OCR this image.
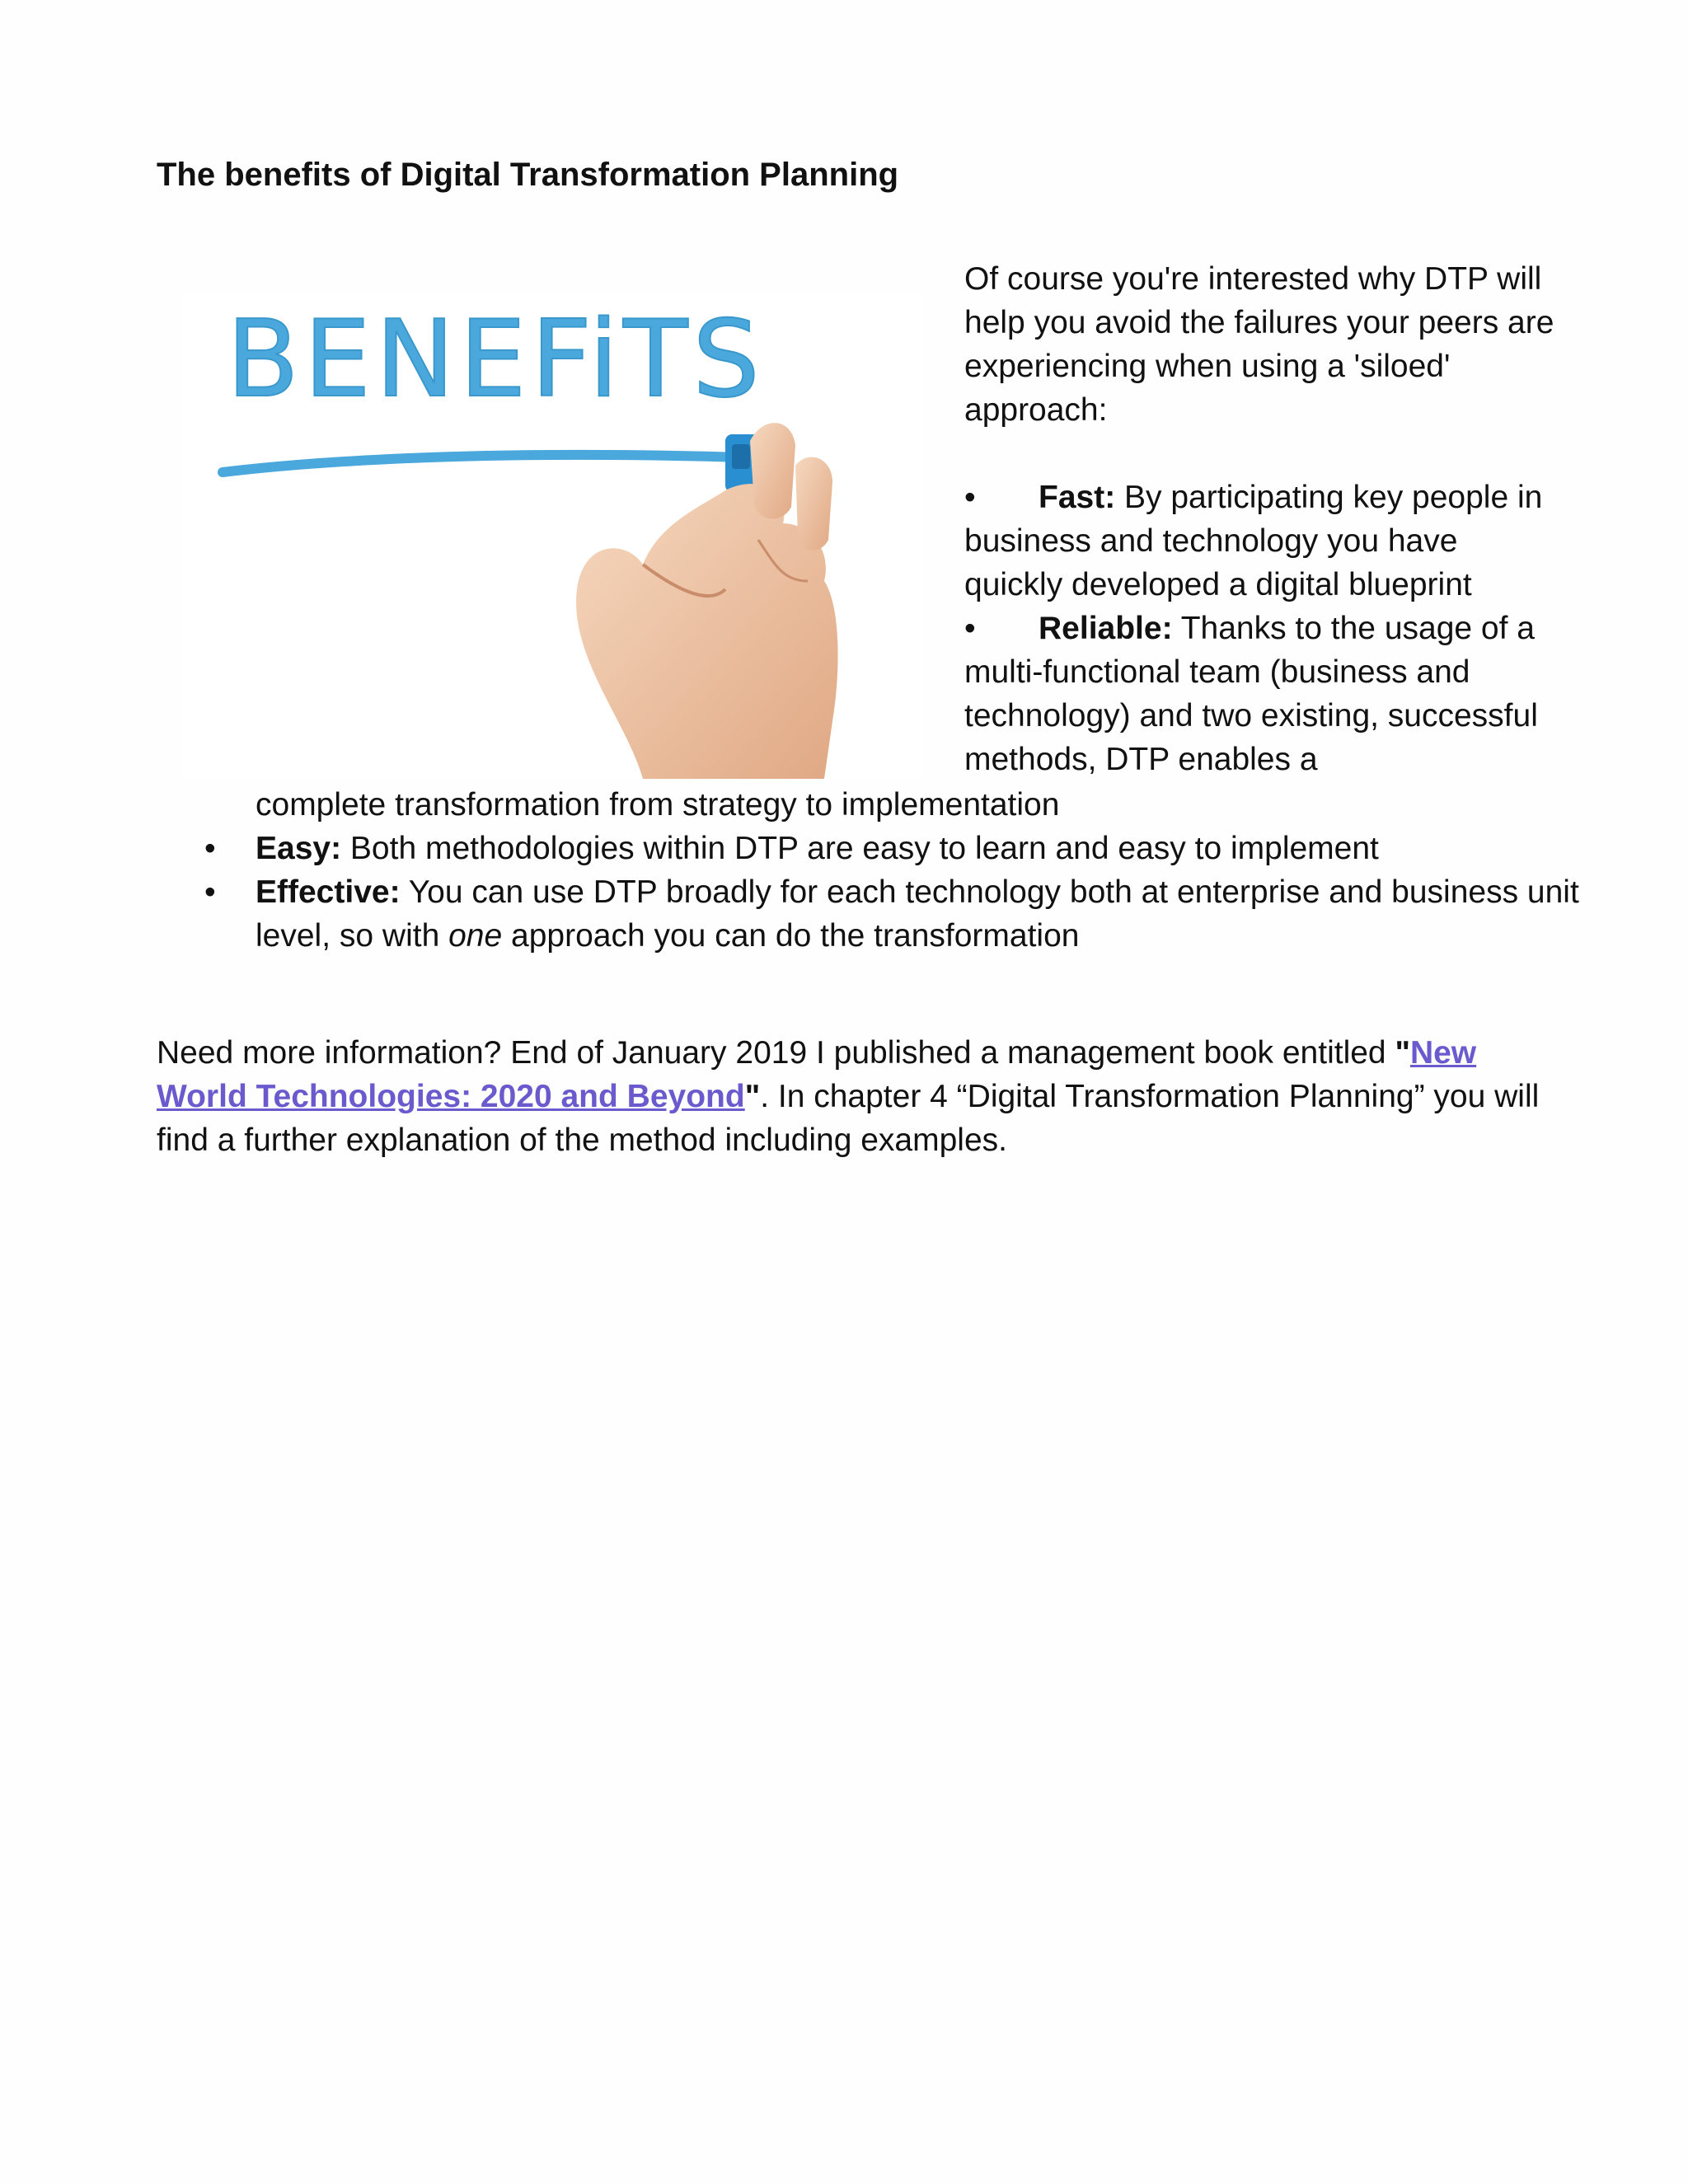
The benefits of Digital Transformation Planning
BENEFiTS

Of course you're interested why DTP will help you avoid the failures your peers are experiencing when using a 'siloed' approach:

• Fast: By participating key people in business and technology you have quickly developed a digital blueprint

• Reliable: Thanks to the usage of a multi-functional team (business and technology) and two existing, successful methods, DTP enables a

complete transformation from strategy to implementation
• Easy: Both methodologies within DTP are easy to learn and easy to implement
• Effective: You can use DTP broadly for each technology both at enterprise and business unit level, so with one approach you can do the transformation

Need more information? End of January 2019 I published a management book entitled "New World Technologies: 2020 and Beyond". In chapter 4 “Digital Transformation Planning” you will find a further explanation of the method including examples.
